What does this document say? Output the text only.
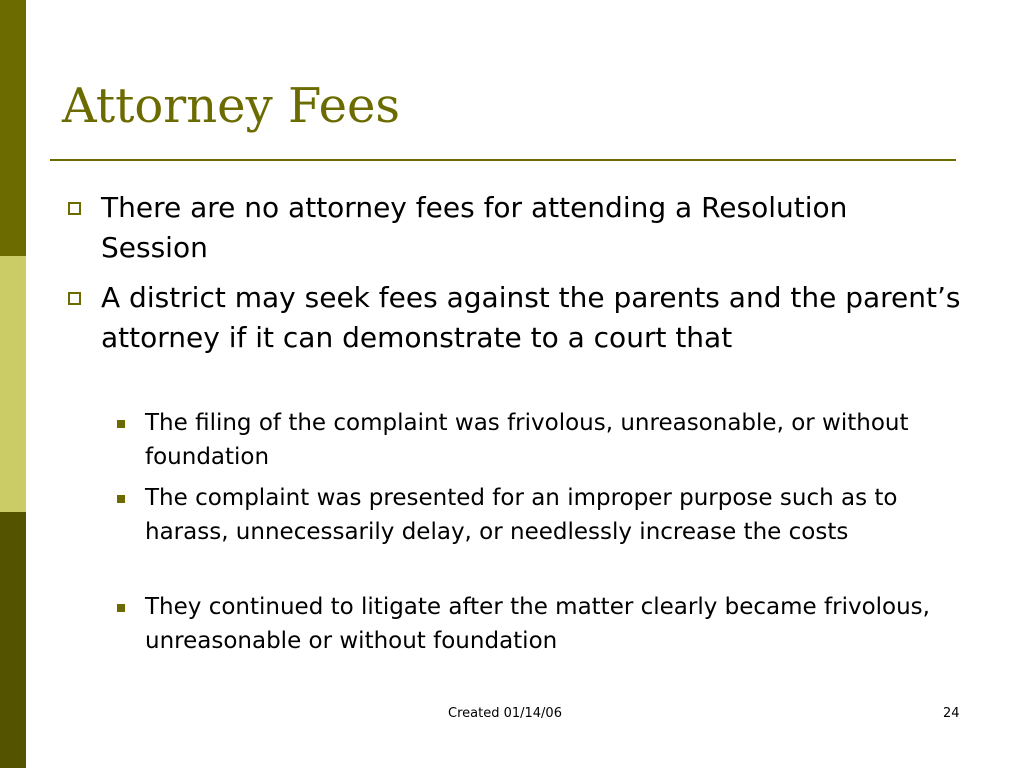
Attorney Fees
There are no attorney fees for attending a Resolution Session
A district may seek fees against the parents and the parent’s attorney if it can demonstrate to a court that
The filing of the complaint was frivolous, unreasonable, or without foundation
The complaint was presented for an improper purpose such as to harass, unnecessarily delay, or needlessly increase the costs
They continued to litigate after the matter clearly became frivolous, unreasonable or without foundation
Created 01/14/06	24
